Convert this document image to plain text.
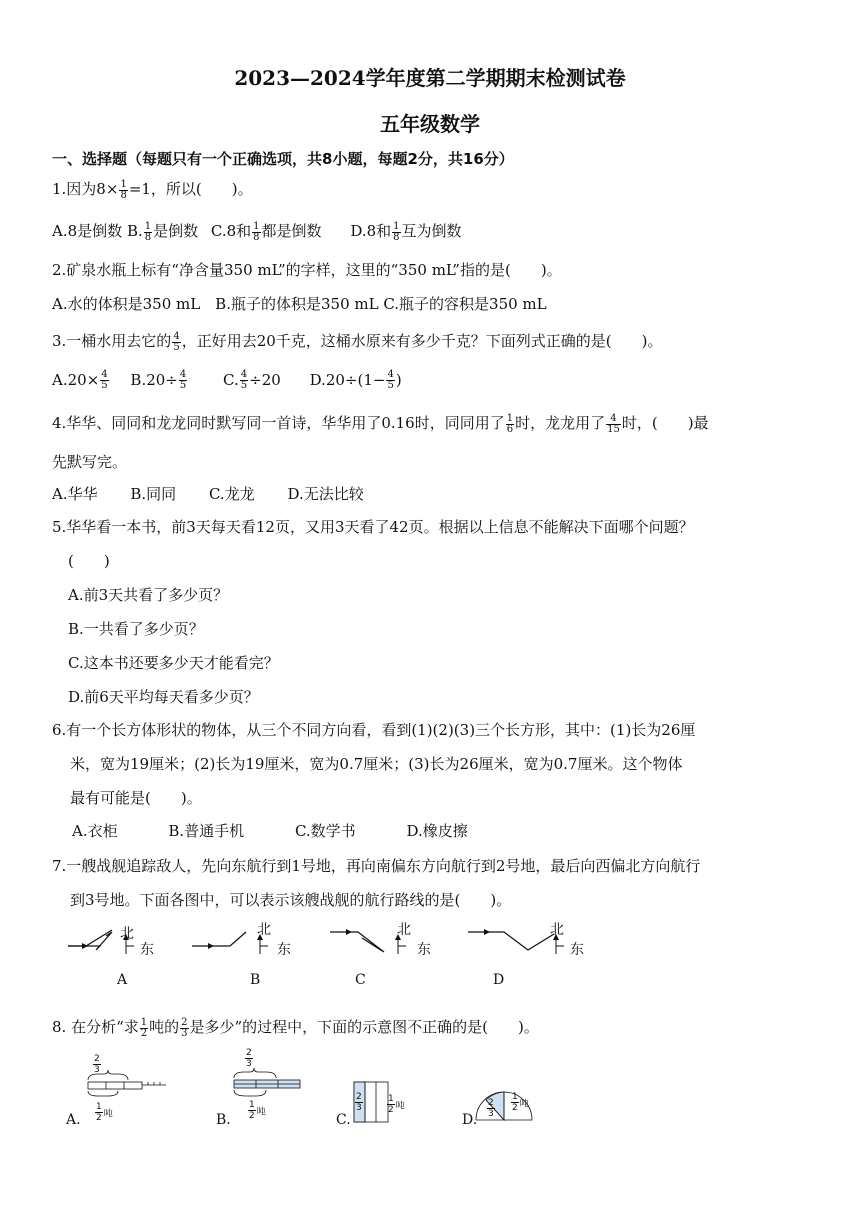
2023—2024学年度第二学期期末检测试卷
五年级数学
一、选择题（每题只有一个正确选项，共8小题，每题2分，共16分）
1.因为$8\times \frac{1}{8} =1$，所以(　　)。
A.8是倒数 B. $\frac{1}{8}$ 是倒数 C.8和 $\frac{1}{8}$ 都是倒数 D.8和 $\frac{1}{8}$ 互为倒数
2.矿泉水瓶上标有“净含量350 mL”的字样，这里的“350 mL”指的是(　　)。
A.水的体积是350 mL　B.瓶子的体积是350 mL C.瓶子的容积是350 mL
3.一桶水用去它的 $\frac{4}{5}$ ，正好用去20千克，这桶水原来有多少千克？下面列式正确的是(　　)。
$A.20\times \frac{4}{5} B.20\div \frac{4}{5} C$. $\frac{4}{5} \div 20$ $D.20\div(1- \frac{4}{5}$ )
4.华华、同同和龙龙同时默写同一首诗，华华用了0.16时，同同用了 $\frac{1}{6}$ 时，龙龙用了 $\frac{4}{15}$ 时，(　　)最
先默写完。
A.华华 B.同同 C.龙龙 D.无法比较
5.华华看一本书，前3天每天看12页，又用3天看了42页。根据以上信息不能解决下面哪个问题？
(　　)
A.前3天共看了多少页？
B.一共看了多少页？
C.这本书还要多少天才能看完？
D.前6天平均每天看多少页？
6.有一个长方体形状的物体，从三个不同方向看，看到(1)(2)(3)三个长方形，其中：(1)长为26厘
米，宽为19厘米；(2)长为19厘米，宽为0.7厘米；(3)长为26厘米，宽为0.7厘米。这个物体
最有可能是(　　)。
A.衣柜	B.普通手机	C.数学书	D.橡皮擦
7.一艘战舰追踪敌人，先向东航行到1号地，再向南偏东方向航行到2号地，最后向西偏北方向航行
到3号地。下面各图中，可以表示该艘战舰的航行路线的是(　　)。
北
东
A
北
东
B
北
东
C
北
东
D
8. 在分析“求 $\frac{1}{2}$ 吨的 $\frac{2}{3}$ 是多少”的过程中，下面的示意图不正确的是(　　)。
$\frac{2}{3}$
$\frac{1}{2}$ 吨
A.
$\frac{2}{3}$
$\frac{1}{2}$ 吨
B.
$\frac{2}{3}$	$\frac{1}{2}$ 吨
C.
$\frac{2}{3} \frac{1}{2}$ 吨
D.
